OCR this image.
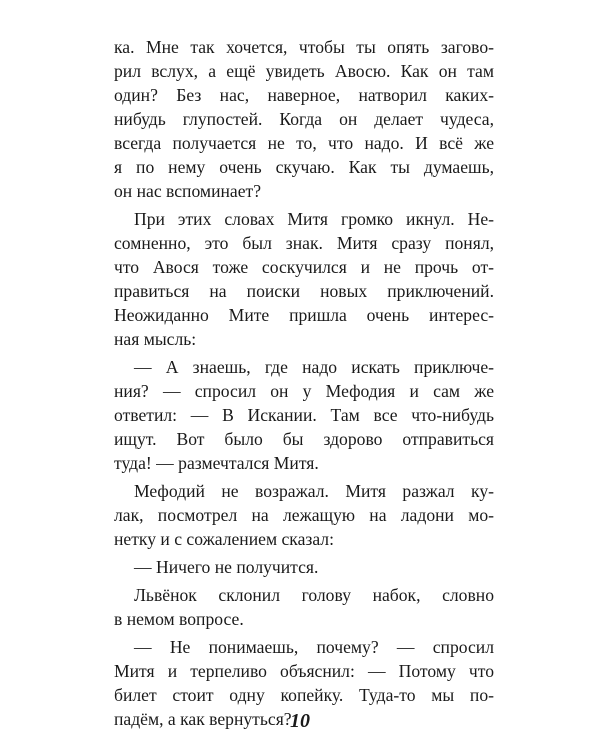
ка. Мне так хочется, чтобы ты опять загово-
рил вслух, а ещё увидеть Авосю. Как он там
один? Без нас, наверное, натворил каких-
нибудь глупостей. Когда он делает чудеса,
всегда получается не то, что надо. И всё же
я по нему очень скучаю. Как ты думаешь,
он нас вспоминает?
При этих словах Митя громко икнул. Не-
сомненно, это был знак. Митя сразу понял,
что Авося тоже соскучился и не прочь от-
правиться на поиски новых приключений.
Неожиданно Мите пришла очень интерес-
ная мысль:
— А знаешь, где надо искать приключе-
ния? — спросил он у Мефодия и сам же
ответил: — В Искании. Там все что-нибудь
ищут. Вот было бы здорово отправиться
туда! — размечтался Митя.
Мефодий не возражал. Митя разжал ку-
лак, посмотрел на лежащую на ладони мо-
нетку и с сожалением сказал:
— Ничего не получится.
Львёнок склонил голову набок, словно
в немом вопросе.
— Не понимаешь, почему? — спросил
Митя и терпеливо объяснил: — Потому что
билет стоит одну копейку. Туда-то мы по-
падём, а как вернуться?
10
